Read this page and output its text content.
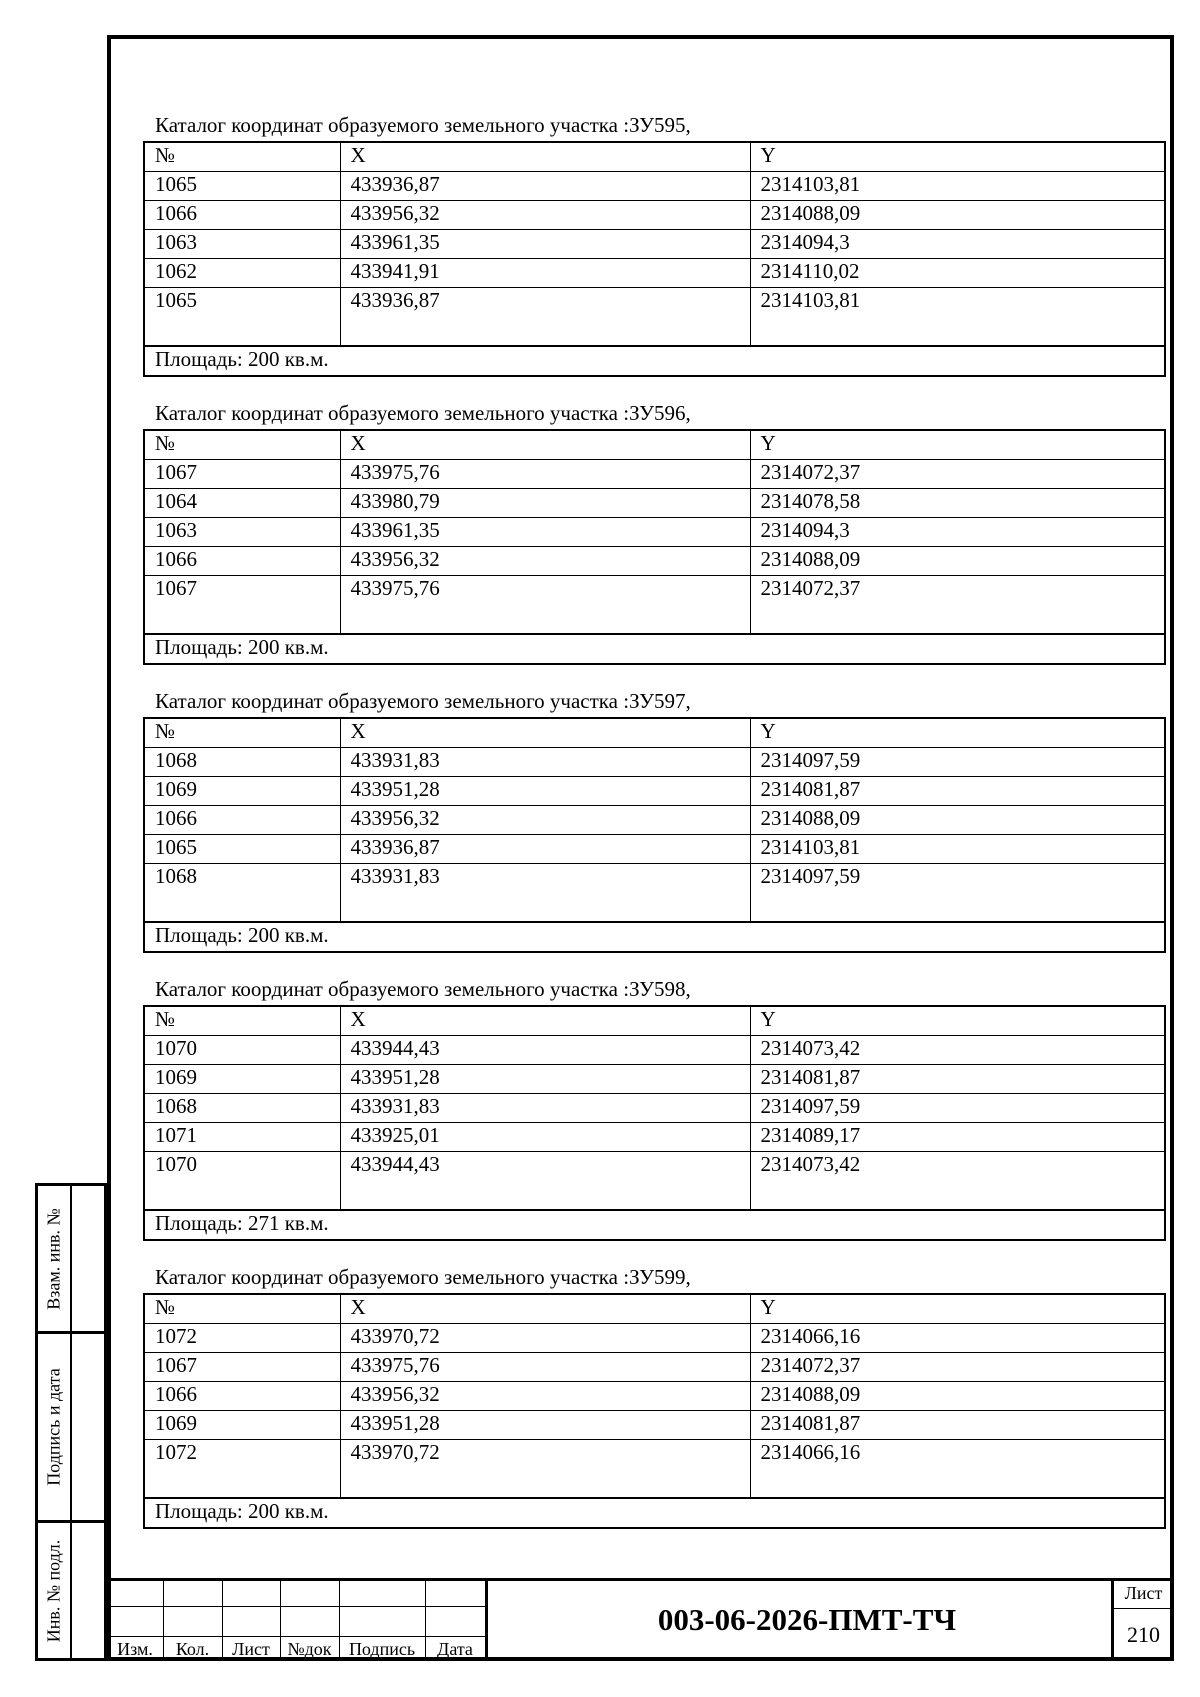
Каталог координат образуемого земельного участка :ЗУ595,
№	X	Y
1065	433936,87	2314103,81
1066	433956,32	2314088,09
1063	433961,35	2314094,3
1062	433941,91	2314110,02
1065	433936,87	2314103,81
Площадь: 200 кв.м.		
Каталог координат образуемого земельного участка :ЗУ596,
№	X	Y
1067	433975,76	2314072,37
1064	433980,79	2314078,58
1063	433961,35	2314094,3
1066	433956,32	2314088,09
1067	433975,76	2314072,37
Площадь: 200 кв.м.		
Каталог координат образуемого земельного участка :ЗУ597,
№	X	Y
1068	433931,83	2314097,59
1069	433951,28	2314081,87
1066	433956,32	2314088,09
1065	433936,87	2314103,81
1068	433931,83	2314097,59
Площадь: 200 кв.м.		
Каталог координат образуемого земельного участка :ЗУ598,
№	X	Y
1070	433944,43	2314073,42
1069	433951,28	2314081,87
1068	433931,83	2314097,59
1071	433925,01	2314089,17
1070	433944,43	2314073,42
Площадь: 271 кв.м.		
Каталог координат образуемого земельного участка :ЗУ599,
№	X	Y
1072	433970,72	2314066,16
1067	433975,76	2314072,37
1066	433956,32	2314088,09
1069	433951,28	2314081,87
1072	433970,72	2314066,16
Площадь: 200 кв.м.		
Взам. инв. №
Подпись и дата
Инв. № подл.
Изм.	Кол.	Лист №док Подпись	Дата
003-06-2026-ПМТ-ТЧ
Лист
210
